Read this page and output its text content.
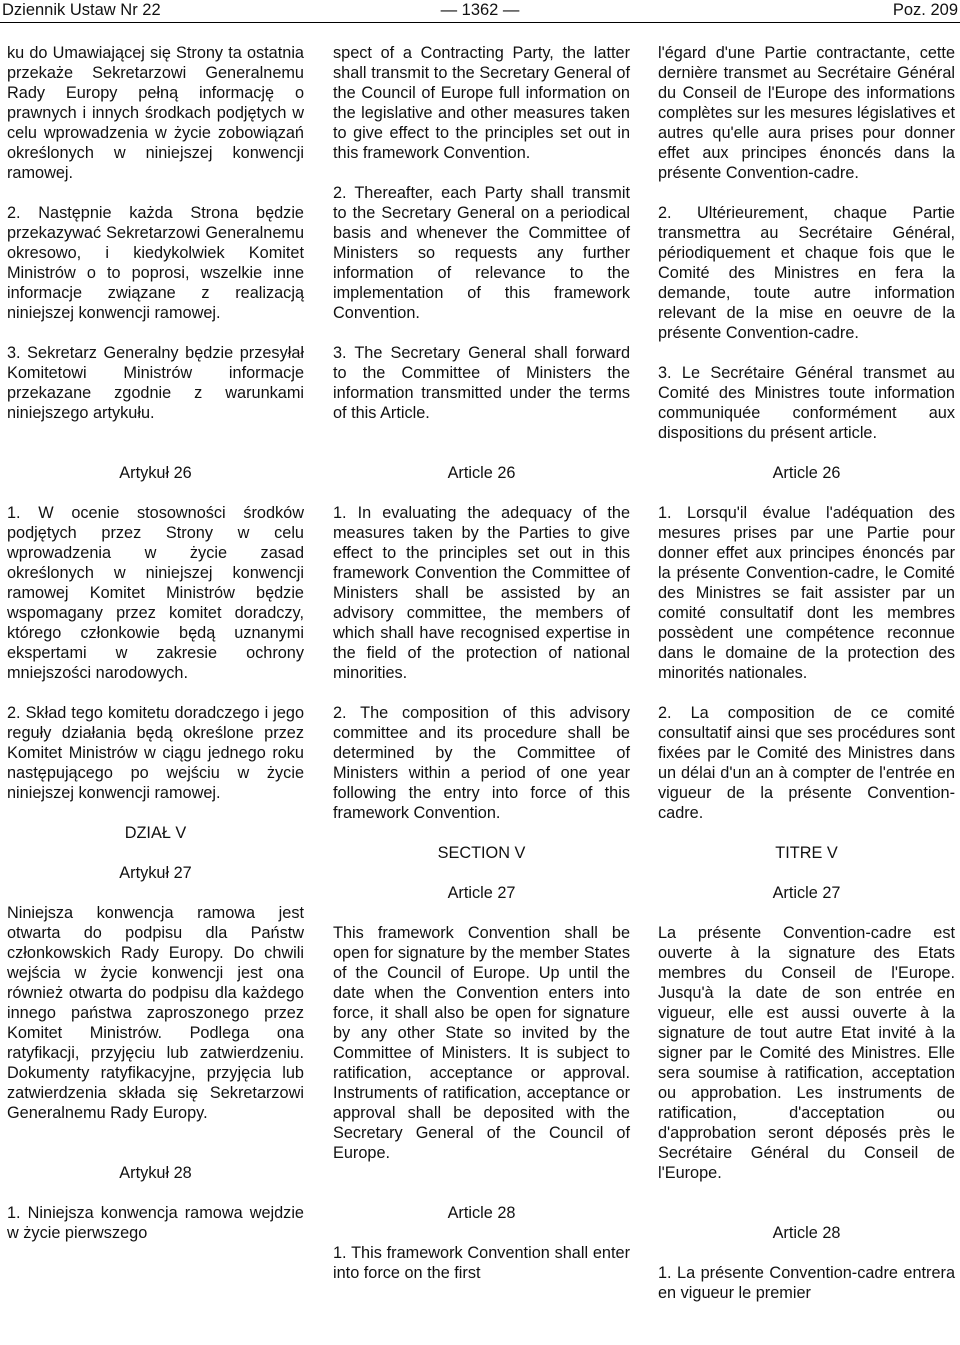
Dziennik Ustaw Nr 22	— 1362 —	Poz. 209

ku do Umawiającej się Strony ta ostatnia przekaże Sekretarzowi Generalnemu Rady Europy pełną informację o prawnych i innych środkach podjętych w celu wprowadzenia w życie zobowiązań określonych w niniejszej konwencji ramowej.

2. Następnie każda Strona będzie przekazywać Sekretarzowi Generalnemu okresowo, i kiedykolwiek Komitet Ministrów o to poprosi, wszelkie inne informacje związane z realizacją niniejszej konwencji ramowej.

3. Sekretarz Generalny będzie przesyłał Komitetowi Ministrów informacje przekazane zgodnie z warunkami niniejszego artykułu.

Artykuł 26

1. W ocenie stosowności środków podjętych przez Strony w celu wprowadzenia w życie zasad określonych w niniejszej konwencji ramowej Komitet Ministrów będzie wspomagany przez komitet doradczy, którego członkowie będą uznanymi ekspertami w zakresie ochrony mniejszości narodowych.

2. Skład tego komitetu doradczego i jego reguły działania będą określone przez Komitet Ministrów w ciągu jednego roku następującego po wejściu w życie niniejszej konwencji ramowej.

DZIAŁ V
Artykuł 27

Niniejsza konwencja ramowa jest otwarta do podpisu dla Państw członkowskich Rady Europy. Do chwili wejścia w życie konwencji jest ona również otwarta do podpisu dla każdego innego państwa zaproszonego przez Komitet Ministrów. Podlega ona ratyfikacji, przyjęciu lub zatwierdzeniu. Dokumenty ratyfikacyjne, przyjęcia lub zatwierdzenia składa się Sekretarzowi Generalnemu Rady Europy.

Artykuł 28

1. Niniejsza konwencja ramowa wejdzie w życie pierwszego

spect of a Contracting Party, the latter shall transmit to the Secretary General of the Council of Europe full information on the legislative and other measures taken to give effect to the principles set out in this framework Convention.

2. Thereafter, each Party shall transmit to the Secretary General on a periodical basis and whenever the Committee of Ministers so requests any further information of relevance to the implementation of this framework Convention.

3. The Secretary General shall forward to the Committee of Ministers the information transmitted under the terms of this Article.

Article 26

1. In evaluating the adequacy of the measures taken by the Parties to give effect to the principles set out in this framework Convention the Committee of Ministers shall be assisted by an advisory committee, the members of which shall have recognised expertise in the field of the protection of national minorities.

2. The composition of this advisory committee and its procedure shall be determined by the Committee of Ministers within a period of one year following the entry into force of this framework Convention.

SECTION V
Article 27

This framework Convention shall be open for signature by the member States of the Council of Europe. Up until the date when the Convention enters into force, it shall also be open for signature by any other State so invited by the Committee of Ministers. It is subject to ratification, acceptance or approval. Instruments of ratification, acceptance or approval shall be deposited with the Secretary General of the Council of Europe.

Article 28

1. This framework Convention shall enter into force on the first

l'égard d'une Partie contractante, cette dernière transmet au Secrétaire Général du Conseil de l'Europe des informations complètes sur les mesures législatives et autres qu'elle aura prises pour donner effet aux principes énoncés dans la présente Convention-cadre.

2. Ultérieurement, chaque Partie transmettra au Secrétaire Général, périodiquement et chaque fois que le Comité des Ministres en fera la demande, toute autre information relevant de la mise en oeuvre de la présente Convention-cadre.

3. Le Secrétaire Général transmet au Comité des Ministres toute information communiquée conformément aux dispositions du présent article.

Article 26

1. Lorsqu'il évalue l'adéquation des mesures prises par une Partie pour donner effet aux principes énoncés par la présente Convention-cadre, le Comité des Ministres se fait assister par un comité consultatif dont les membres possèdent une compétence reconnue dans le domaine de la protection des minorités nationales.

2. La composition de ce comité consultatif ainsi que ses procédures sont fixées par le Comité des Ministres dans un délai d'un an à compter de l'entrée en vigueur de la présente Convention-cadre.

TITRE V
Article 27

La présente Convention-cadre est ouverte à la signature des Etats membres du Conseil de l'Europe. Jusqu'à la date de son entrée en vigueur, elle est aussi ouverte à la signature de tout autre Etat invité à la signer par le Comité des Ministres. Elle sera soumise à ratification, acceptation ou approbation. Les instruments de ratification, d'acceptation ou d'approbation seront déposés près le Secrétaire Général du Conseil de l'Europe.

Article 28

1. La présente Convention-cadre entrera en vigueur le premier
